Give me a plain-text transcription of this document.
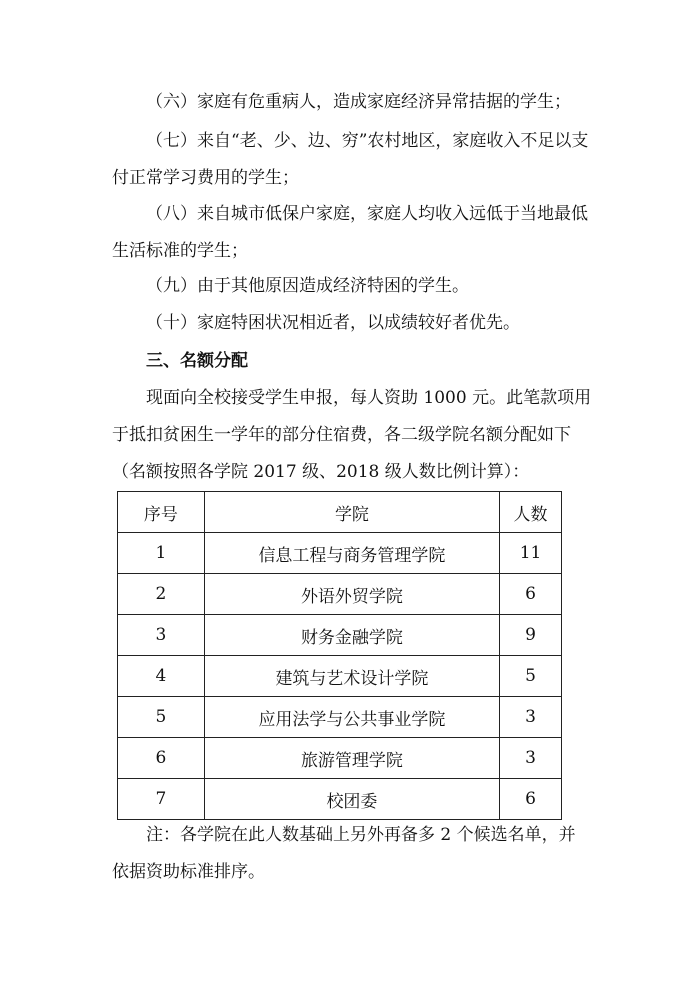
（六）家庭有危重病人，造成家庭经济异常拮据的学生；

（七）来自“老、少、边、穷”农村地区，家庭收入不足以支付正常学习费用的学生；

（八）来自城市低保户家庭，家庭人均收入远低于当地最低生活标准的学生；

（九）由于其他原因造成经济特困的学生。

（十）家庭特困状况相近者，以成绩较好者优先。

三、名额分配

现面向全校接受学生申报，每人资助 1000 元。此笔款项用于抵扣贫困生一学年的部分住宿费，各二级学院名额分配如下（名额按照各学院 2017 级、2018 级人数比例计算）：

序号	学院	人数
1	信息工程与商务管理学院	11
2	外语外贸学院	6
3	财务金融学院	9
4	建筑与艺术设计学院	5
5	应用法学与公共事业学院	3
6	旅游管理学院	3
7	校团委	6

注：各学院在此人数基础上另外再备多 2 个候选名单，并依据资助标准排序。
